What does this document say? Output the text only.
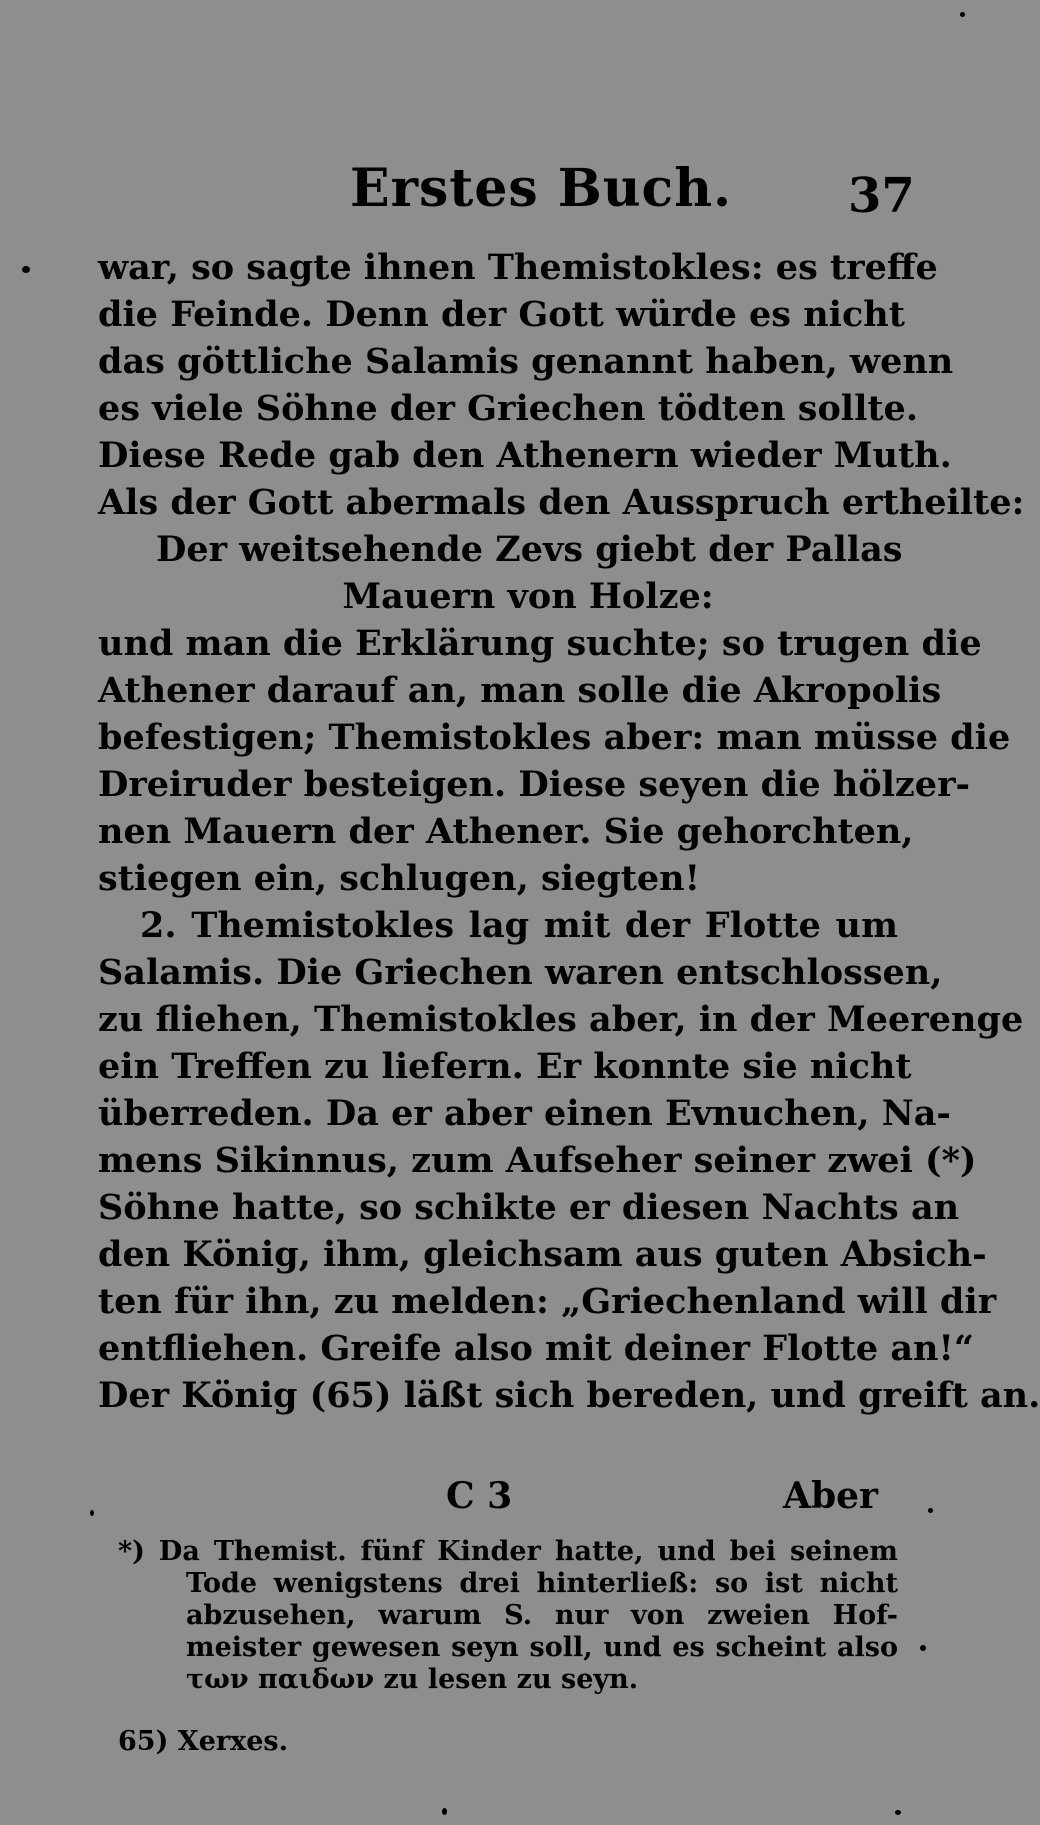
Erstes Buch. 37
war, so sagte ihnen Themistokles: es treffe
die Feinde. Denn der Gott würde es nicht
das göttliche Salamis genannt haben, wenn
es viele Söhne der Griechen tödten sollte.
Diese Rede gab den Athenern wieder Muth.
Als der Gott abermals den Ausspruch ertheilte:
Der weitsehende Zevs giebt der Pallas
Mauern von Holze:
und man die Erklärung suchte; so trugen die
Athener darauf an, man solle die Akropolis
befestigen; Themistokles aber: man müsse die
Dreiruder besteigen. Diese seyen die hölzer-
nen Mauern der Athener. Sie gehorchten,
stiegen ein, schlugen, siegten!
2. Themistokles lag mit der Flotte um
Salamis. Die Griechen waren entschlossen,
zu fliehen, Themistokles aber, in der Meerenge
ein Treffen zu liefern. Er konnte sie nicht
überreden. Da er aber einen Evnuchen, Na-
mens Sikinnus, zum Aufseher seiner zwei (*)
Söhne hatte, so schikte er diesen Nachts an
den König, ihm, gleichsam aus guten Absich-
ten für ihn, zu melden: „Griechenland will dir
entfliehen. Greife also mit deiner Flotte an!“
Der König (65) läßt sich bereden, und greift an.
C 3	Aber
*) Da Themist. fünf Kinder hatte, und bei seinem
Tode wenigstens drei hinterließ: so ist nicht
abzusehen, warum S. nur von zweien Hof-
meister gewesen seyn soll, und es scheint also
των παιδων zu lesen zu seyn.
65) Xerxes.
